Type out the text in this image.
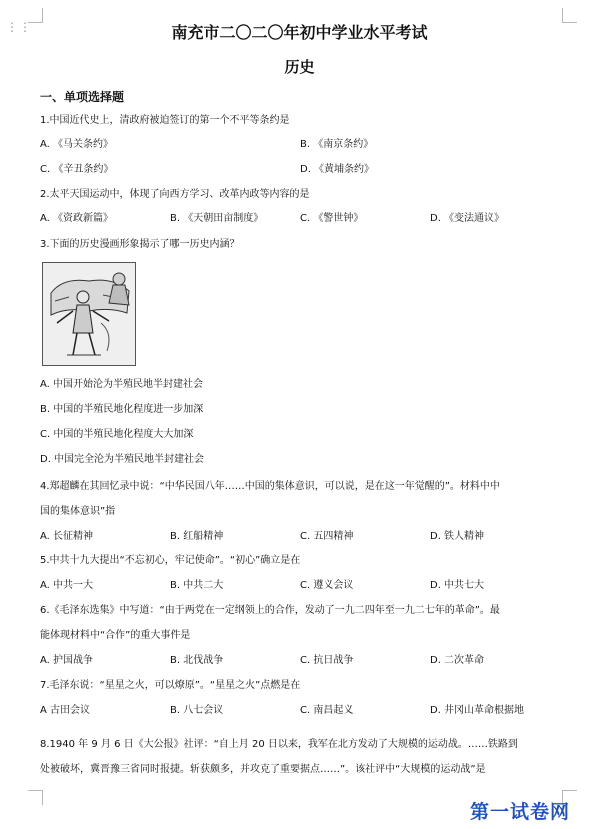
⋮⋮	南充市二〇二〇年初中学业水平考试
历史
一、单项选择题
1.中国近代史上，清政府被迫签订的第一个不平等条约是
A. 《马关条约》	B. 《南京条约》
C. 《辛丑条约》	D. 《黄埔条约》
2.太平天国运动中，体现了向西方学习、改革内政等内容的是
A. 《资政新篇》	B. 《天朝田亩制度》	C. 《警世钟》	D. 《变法通议》
3.下面的历史漫画形象揭示了哪一历史内涵？
A. 中国开始沦为半殖民地半封建社会
B. 中国的半殖民地化程度进一步加深
C. 中国的半殖民地化程度大大加深
D. 中国完全沦为半殖民地半封建社会
4.郑超麟在其回忆录中说：“中华民国八年……中国的集体意识，可以说，是在这一年觉醒的”。材料中中
国的集体意识”指
A. 长征精神	B. 红船精神	C. 五四精神	D. 铁人精神
5.中共十九大提出“不忘初心，牢记使命”。“初心”确立是在
A. 中共一大	B. 中共二大	C. 遵义会议	D. 中共七大
6.《毛泽东选集》中写道：“由于两党在一定纲领上的合作，发动了一九二四年至一九二七年的革命”。最
能体现材料中“合作”的重大事件是
A. 护国战争	B. 北伐战争	C. 抗日战争	D. 二次革命
7.毛泽东说：“星星之火，可以燎原”。“星星之火”点燃是在
A 古田会议	B. 八七会议	C. 南昌起义	D. 井冈山革命根据地
8.1940 年 9 月 6 日《大公报》社评：“自上月 20 日以来，我军在北方发动了大规模的运动战。……铁路到
处被破坏，冀晋豫三省同时报捷。斩获颇多，并攻克了重要据点……”。该社评中“大规模的运动战”是
第一试卷网
